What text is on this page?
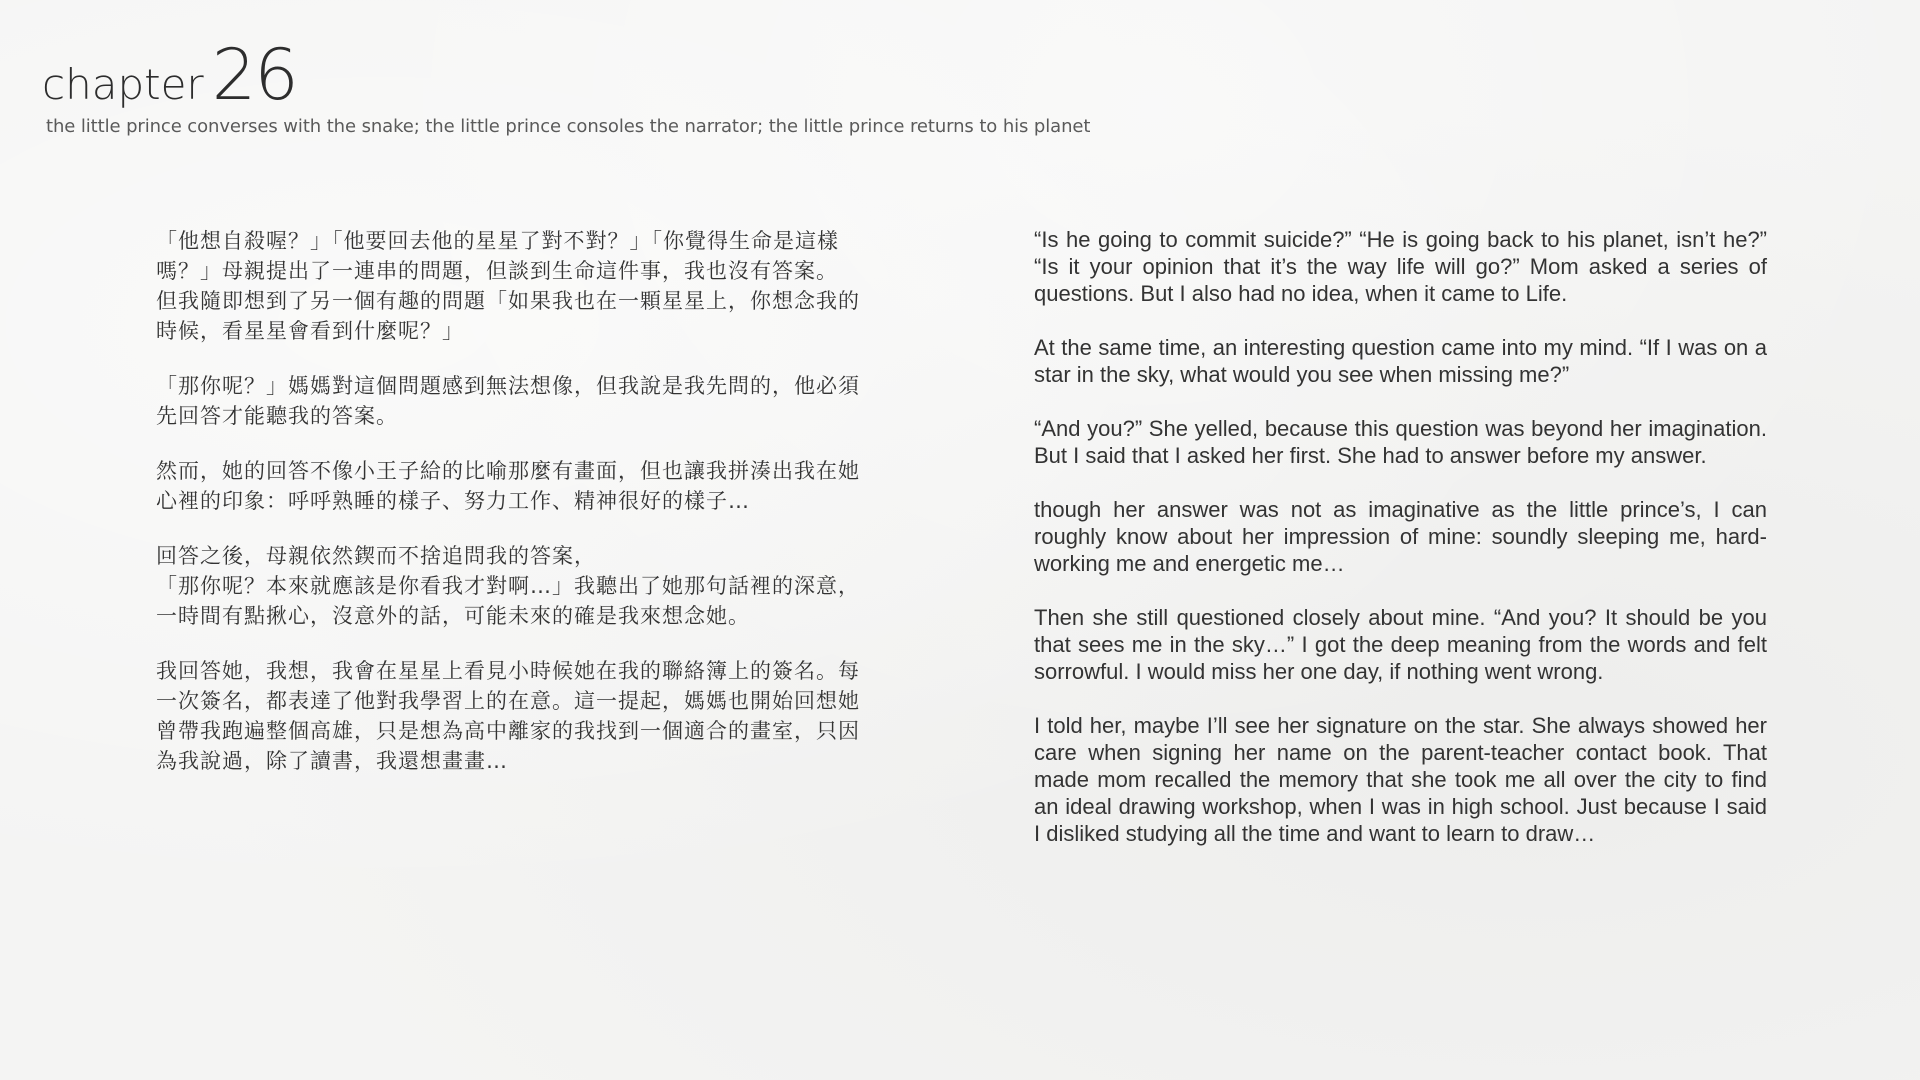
chapter 26
the little prince converses with the snake; the little prince consoles the narrator; the little prince returns to his planet

「他想自殺喔？」「他要回去他的星星了對不對？」「你覺得生命是這樣嗎？」母親提出了一連串的問題，但談到生命這件事，我也沒有答案。
但我隨即想到了另一個有趣的問題「如果我也在一顆星星上，你想念我的時候，看星星會看到什麼呢？」

「那你呢？」媽媽對這個問題感到無法想像，但我說是我先問的，他必須先回答才能聽我的答案。

然而，她的回答不像小王子給的比喻那麼有畫面，但也讓我拼湊出我在她心裡的印象：呼呼熟睡的樣子、努力工作、精神很好的樣子…

回答之後，母親依然鍥而不捨追問我的答案，
「那你呢？本來就應該是你看我才對啊…」我聽出了她那句話裡的深意，一時間有點揪心，沒意外的話，可能未來的確是我來想念她。

我回答她，我想，我會在星星上看見小時候她在我的聯絡簿上的簽名。每一次簽名，都表達了他對我學習上的在意。這一提起，媽媽也開始回想她曾帶我跑遍整個高雄，只是想為高中離家的我找到一個適合的畫室，只因為我說過，除了讀書，我還想畫畫…

“Is he going to commit suicide?” “He is going back to his planet, isn’t he?” “Is it your opinion that it’s the way life will go?” Mom asked a series of questions. But I also had no idea, when it came to Life.

At the same time, an interesting question came into my mind. “If I was on a star in the sky, what would you see when missing me?”

“And you?” She yelled, because this question was beyond her imagination. But I said that I asked her first. She had to answer before my answer.

though her answer was not as imaginative as the little prince’s, I can roughly know about her impression of mine: soundly sleeping me, hard-working me and energetic me…

Then she still questioned closely about mine. “And you? It should be you that sees me in the sky…” I got the deep meaning from the words and felt sorrowful. I would miss her one day, if nothing went wrong.

I told her, maybe I’ll see her signature on the star. She always showed her care when signing her name on the parent-teacher contact book. That made mom recalled the memory that she took me all over the city to find an ideal drawing workshop, when I was in high school. Just because I said I disliked studying all the time and want to learn to draw…
